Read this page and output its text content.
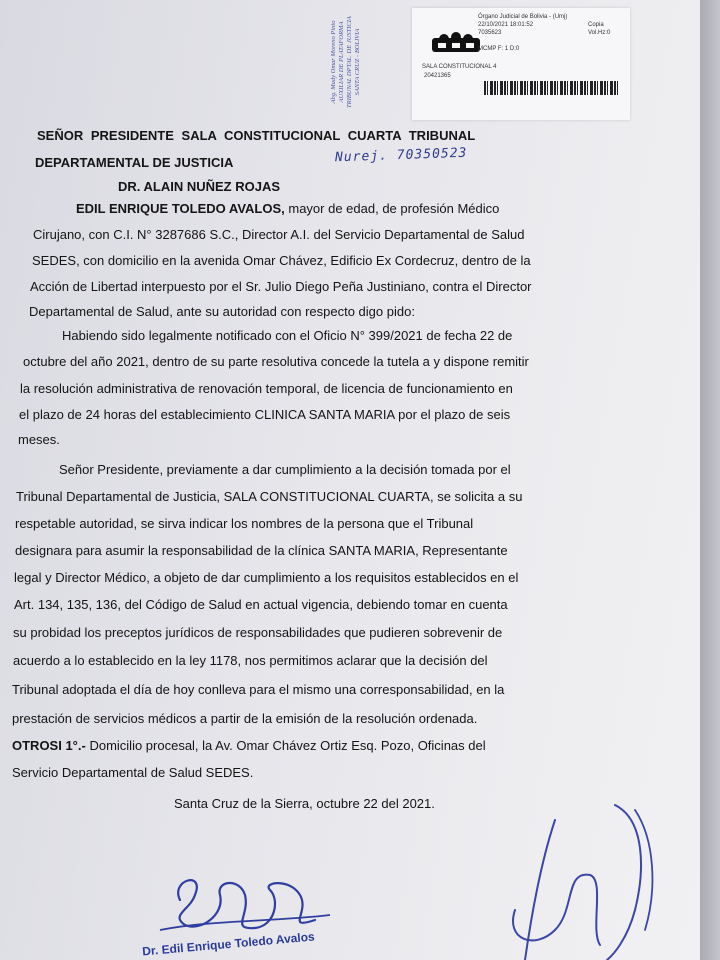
Abg. Mady Omar Moreno Pinto AUXILIAR DE PLATAFORMA TRIBUNAL DPTAL. DE JUSTICIA SANTA CRUZ - BOLIVIA
Órgano Judicial de Bolivia - (Umj)
22/10/2021 18:01:52
7035623
Copia
Vol.Hz:0
MCMP F: 1 D:0
SALA CONSTITUCIONAL 4
20421365
SEÑOR PRESIDENTE SALA CONSTITUCIONAL CUARTA TRIBUNAL
DEPARTAMENTAL DE JUSTICIA	Nurej. 70350523
DR. ALAIN NUÑEZ ROJAS
EDIL ENRIQUE TOLEDO AVALOS, mayor de edad, de profesión Médico
Cirujano, con C.I. N° 3287686 S.C., Director A.I. del Servicio Departamental de Salud
SEDES, con domicilio en la avenida Omar Chávez, Edificio Ex Cordecruz, dentro de la
Acción de Libertad interpuesto por el Sr. Julio Diego Peña Justiniano, contra el Director
Departamental de Salud, ante su autoridad con respecto digo pido:
Habiendo sido legalmente notificado con el Oficio N° 399/2021 de fecha 22 de
octubre del año 2021, dentro de su parte resolutiva concede la tutela a y dispone remitir
la resolución administrativa de renovación temporal, de licencia de funcionamiento en
el plazo de 24 horas del establecimiento CLINICA SANTA MARIA por el plazo de seis
meses.
Señor Presidente, previamente a dar cumplimiento a la decisión tomada por el
Tribunal Departamental de Justicia, SALA CONSTITUCIONAL CUARTA, se solicita a su
respetable autoridad, se sirva indicar los nombres de la persona que el Tribunal
designara para asumir la responsabilidad de la clínica SANTA MARIA, Representante
legal y Director Médico, a objeto de dar cumplimiento a los requisitos establecidos en el
Art. 134, 135, 136, del Código de Salud en actual vigencia, debiendo tomar en cuenta
su probidad los preceptos jurídicos de responsabilidades que pudieren sobrevenir de
acuerdo a lo establecido en la ley 1178, nos permitimos aclarar que la decisión del
Tribunal adoptada el día de hoy conlleva para el mismo una corresponsabilidad, en la
prestación de servicios médicos a partir de la emisión de la resolución ordenada.
OTROSI 1°.- Domicilio procesal, la Av. Omar Chávez Ortiz Esq. Pozo, Oficinas del
Servicio Departamental de Salud SEDES.
Santa Cruz de la Sierra, octubre 22 del 2021.
Dr. Edil Enrique Toledo Avalos
